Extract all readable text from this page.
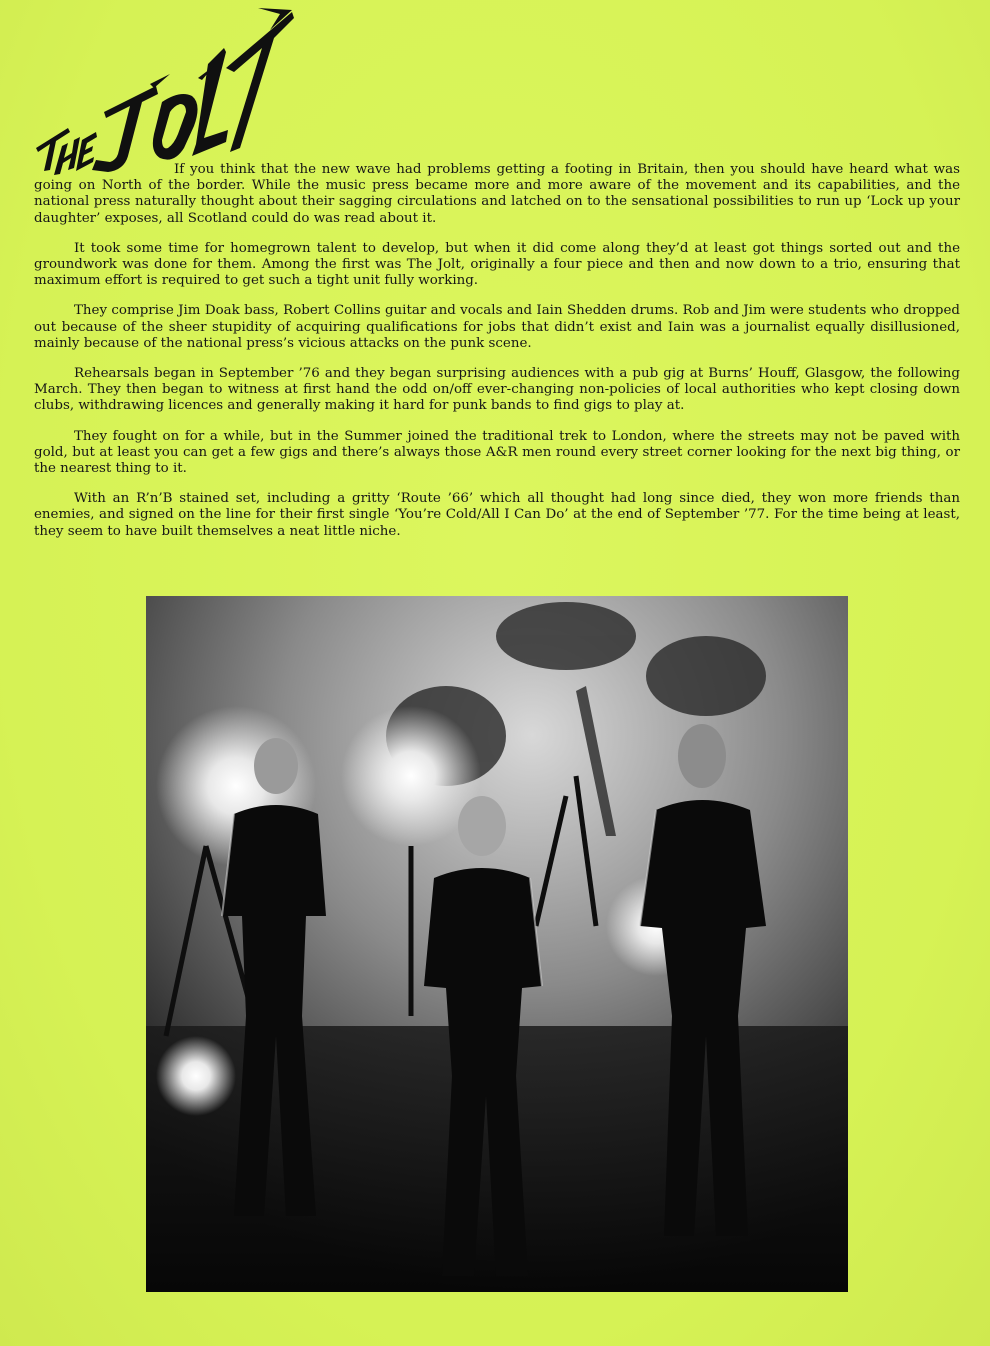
If you think that the new wave had problems getting a footing in Britain, then you should have heard what was going on North of the border. While the music press became more and more aware of the movement and its capabilities, and the national press naturally thought about their sagging circulations and latched on to the sensational possibilities to run up ‘Lock up your daughter’ exposes, all Scotland could do was read about it.

It took some time for homegrown talent to develop, but when it did come along they’d at least got things sorted out and the groundwork was done for them. Among the first was The Jolt, originally a four piece and then and now down to a trio, ensuring that maximum effort is required to get such a tight unit fully working.

They comprise Jim Doak bass, Robert Collins guitar and vocals and Iain Shedden drums. Rob and Jim were students who dropped out because of the sheer stupidity of acquiring qualifications for jobs that didn’t exist and Iain was a journalist equally disillusioned, mainly because of the national press’s vicious attacks on the punk scene.

Rehearsals began in September ’76 and they began surprising audiences with a pub gig at Burns’ Houff, Glasgow, the following March. They then began to witness at first hand the odd on/off ever-changing non-policies of local authorities who kept closing down clubs, withdrawing licences and generally making it hard for punk bands to find gigs to play at.

They fought on for a while, but in the Summer joined the traditional trek to London, where the streets may not be paved with gold, but at least you can get a few gigs and there’s always those A&R men round every street corner looking for the next big thing, or the nearest thing to it.

With an R’n’B stained set, including a gritty ‘Route ’66’ which all thought had long since died, they won more friends than enemies, and signed on the line for their first single ‘You’re Cold/All I Can Do’ at the end of September ’77. For the time being at least, they seem to have built themselves a neat little niche.
